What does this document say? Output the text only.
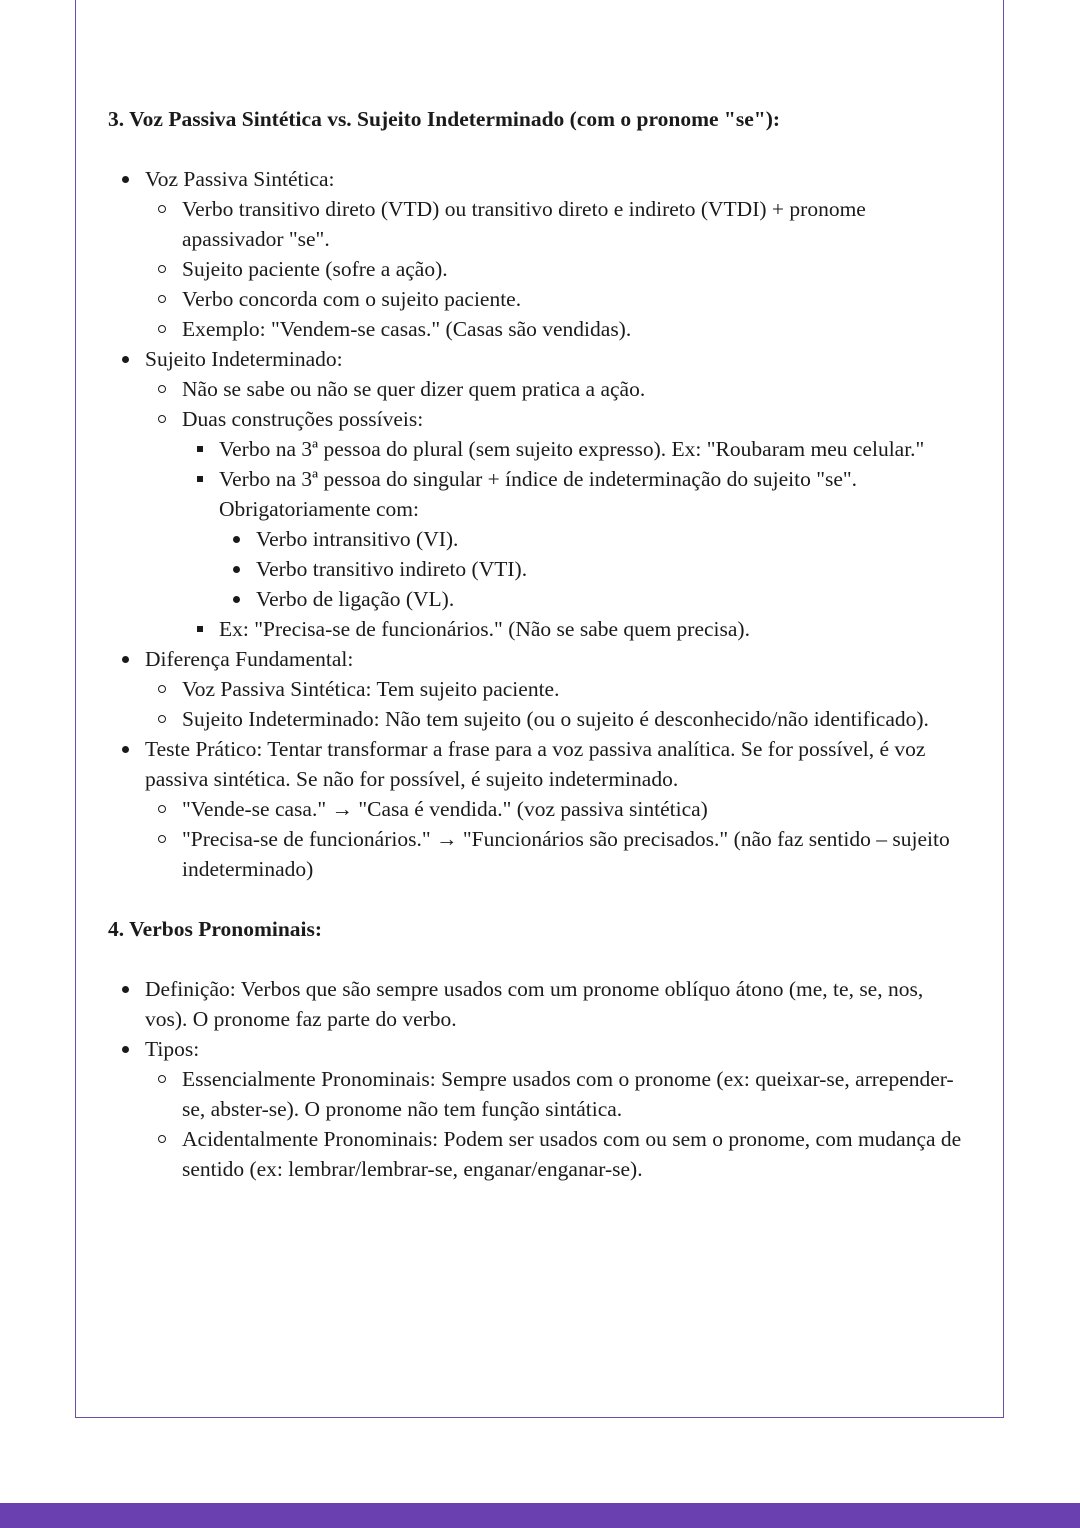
3. Voz Passiva Sintética vs. Sujeito Indeterminado (com o pronome "se"):
Voz Passiva Sintética:
Verbo transitivo direto (VTD) ou transitivo direto e indireto (VTDI) + pronome apassivador "se".
Sujeito paciente (sofre a ação).
Verbo concorda com o sujeito paciente.
Exemplo: "Vendem-se casas." (Casas são vendidas).
Sujeito Indeterminado:
Não se sabe ou não se quer dizer quem pratica a ação.
Duas construções possíveis:
Verbo na 3ª pessoa do plural (sem sujeito expresso). Ex: "Roubaram meu celular."
Verbo na 3ª pessoa do singular + índice de indeterminação do sujeito "se". Obrigatoriamente com:
Verbo intransitivo (VI).
Verbo transitivo indireto (VTI).
Verbo de ligação (VL).
Ex: "Precisa-se de funcionários." (Não se sabe quem precisa).
Diferença Fundamental:
Voz Passiva Sintética: Tem sujeito paciente.
Sujeito Indeterminado: Não tem sujeito (ou o sujeito é desconhecido/não identificado).
Teste Prático: Tentar transformar a frase para a voz passiva analítica. Se for possível, é voz passiva sintética. Se não for possível, é sujeito indeterminado.
"Vende-se casa." → "Casa é vendida." (voz passiva sintética)
"Precisa-se de funcionários." → "Funcionários são precisados." (não faz sentido – sujeito indeterminado)
4. Verbos Pronominais:
Definição: Verbos que são sempre usados com um pronome oblíquo átono (me, te, se, nos, vos). O pronome faz parte do verbo.
Tipos:
Essencialmente Pronominais: Sempre usados com o pronome (ex: queixar-se, arrepender-se, abster-se). O pronome não tem função sintática.
Acidentalmente Pronominais: Podem ser usados com ou sem o pronome, com mudança de sentido (ex: lembrar/lembrar-se, enganar/enganar-se).
